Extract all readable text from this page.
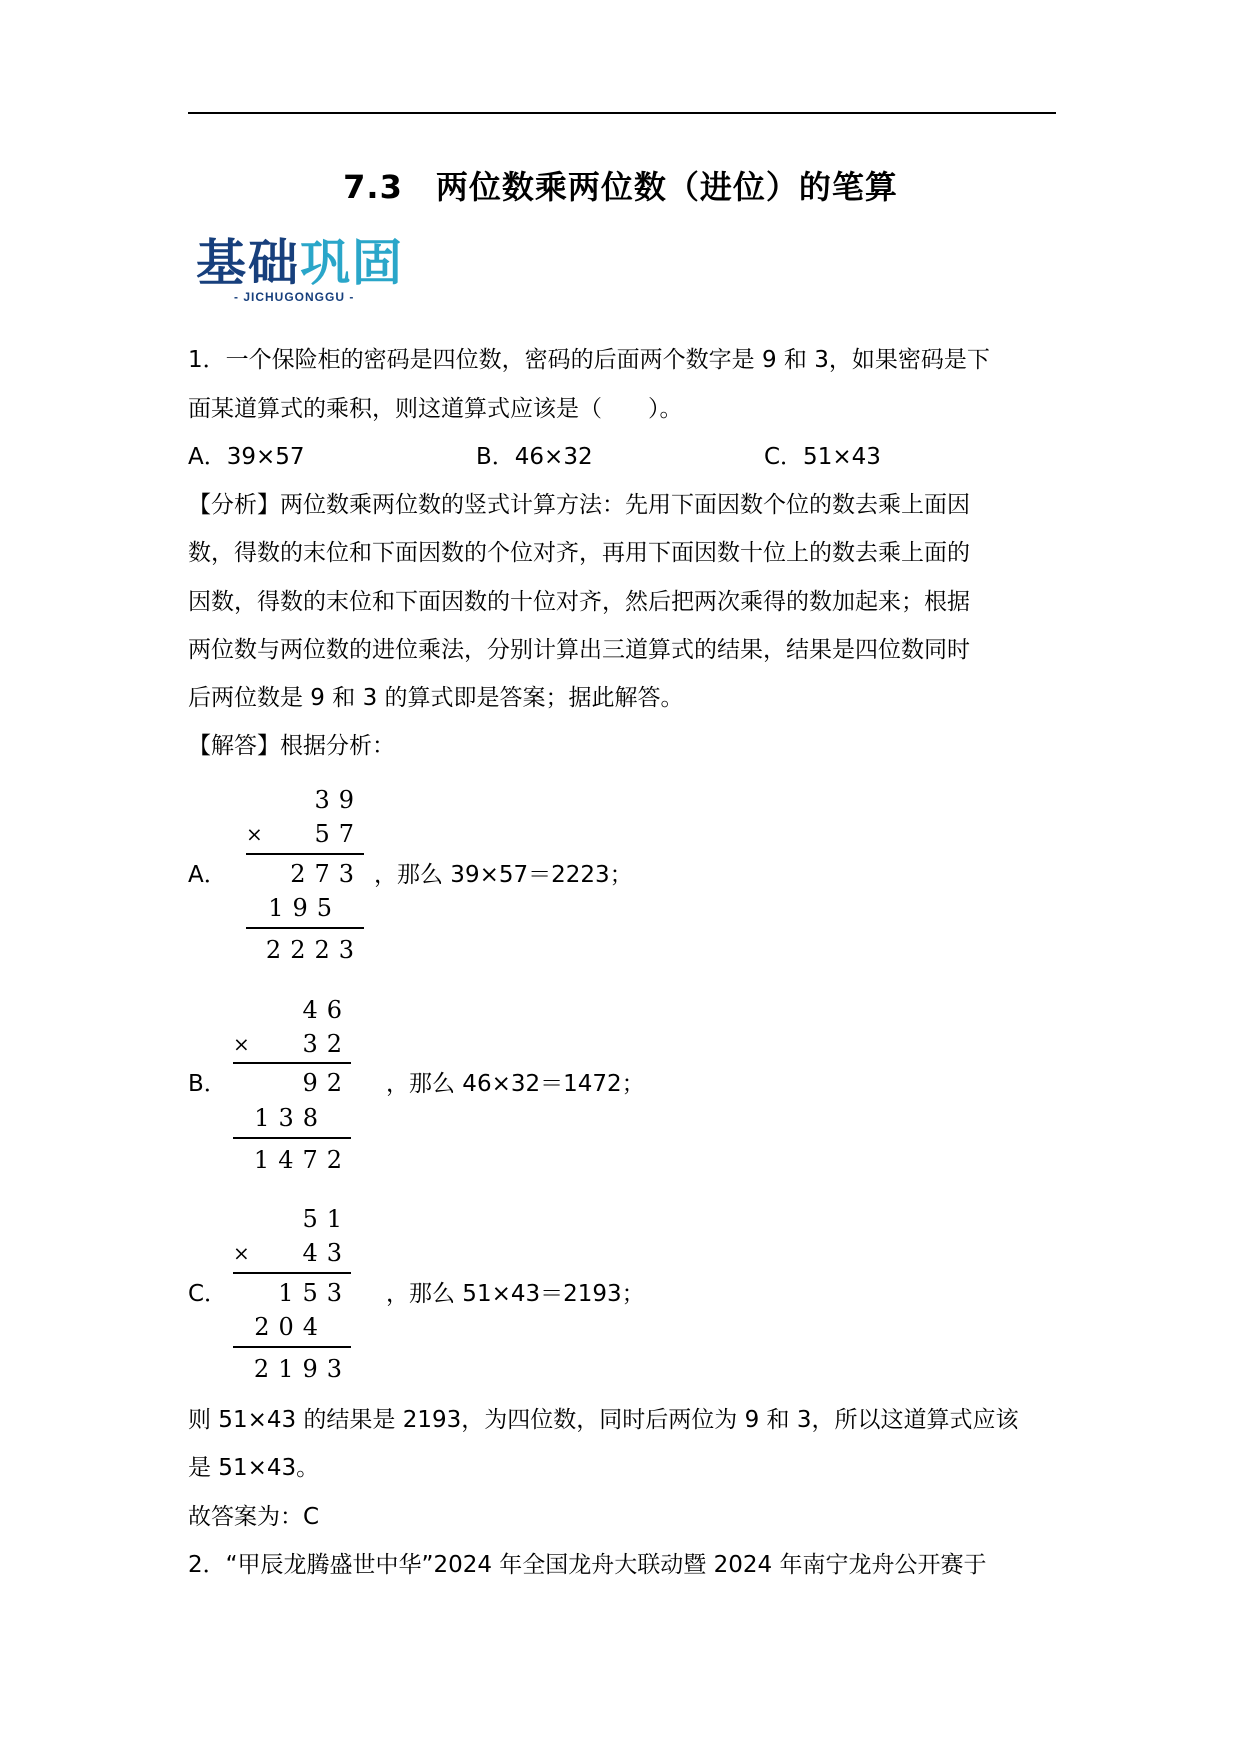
7.3　两位数乘两位数（进位）的笔算
基础巩固
- JICHUGONGGU -
1．一个保险柜的密码是四位数，密码的后面两个数字是 9 和 3，如果密码是下
面某道算式的乘积，则这道算式应该是（　　）。
A．39×57	B．46×32	C．51×43
【分析】两位数乘两位数的竖式计算方法：先用下面因数个位的数去乘上面因
数，得数的末位和下面因数的个位对齐，再用下面因数十位上的数去乘上面的
因数，得数的末位和下面因数的十位对齐，然后把两次乘得的数加起来；根据
两位数与两位数的进位乘法，分别计算出三道算式的结果，结果是四位数同时
后两位数是 9 和 3 的算式即是答案；据此解答。
【解答】根据分析：
39
× 57
A．	273 ，那么 39×57＝2223；
195
2223
46
× 32
B．	92 ，那么 46×32＝1472；
138
1472
51
× 43
C． 153 ，那么 51×43＝2193；
204
2193
则 51×43 的结果是 2193，为四位数，同时后两位为 9 和 3，所以这道算式应该
是 51×43。
故答案为：C
2．“甲辰龙腾盛世中华”2024 年全国龙舟大联动暨 2024 年南宁龙舟公开赛于
